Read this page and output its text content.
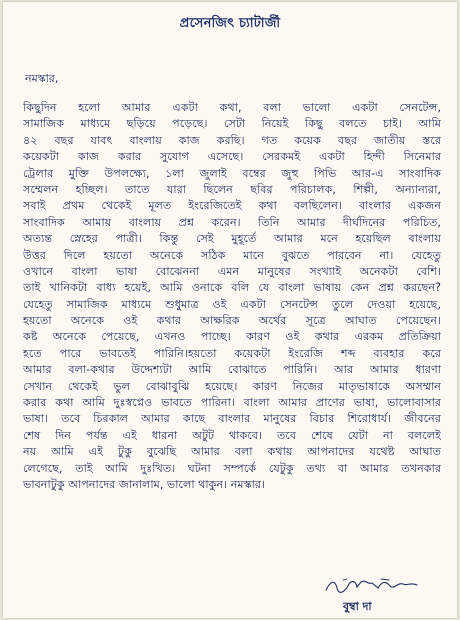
প্রসেনজিৎ চ্যাটার্জী
নমস্কার,
কিছুদিন হলো আমার একটা কথা, বলা ভালো একটা সেনটেন্স,
সামাজিক মাধ্যমে ছড়িয়ে পড়েছে। সেটা নিয়েই কিছু বলতে চাই। আমি
৪২ বছর যাবৎ বাংলায় কাজ করছি। গত কয়েক বছর জাতীয় স্তরে
কয়েকটা কাজ করার সুযোগ এসেছে। সেরকমই একটা হিন্দী সিনেমার
ট্রেলার মুক্তি উপলক্ষ্যে, ১লা জুলাই বম্বের জুহু পিভি আর-এ সাংবাদিক
সম্মেলন হচ্ছিল। তাতে যারা ছিলেন ছবির পরিচালক, শিল্পী, অন্যান্যরা,
সবাই প্রথম থেকেই মূলত ইংরেজিতেই কথা বলছিলেন। বাংলার একজন
সাংবাদিক আমায় বাংলায় প্রশ্ন করেন। তিনি আমার দীর্ঘদিনের পরিচিত,
অত্যন্ত স্নেহের পাত্রী। কিন্তু সেই মুহূর্তে আমার মনে হয়েছিল বাংলায়
উত্তর দিলে হয়তো অনেকে সঠিক মানে বুঝতে পারবেন না। যেহেতু
ওখানে বাংলা ভাষা বোঝেননা এমন মানুষের সংখ্যাই অনেকটা বেশি।
তাই খানিকটা বাধ্য হয়েই, আমি ওনাকে বলি যে বাংলা ভাষায় কেন প্রশ্ন করছেন?
যেহেতু সামাজিক মাধ্যমে শুধুমাত্র ওই একটা সেনটেন্স তুলে দেওয়া হয়েছে,
হয়তো অনেকে ওই কথার আক্ষরিক অর্থের সূত্রে আঘাত পেয়েছেন।
কষ্ট অনেকে পেয়েছে, এখনও পাচ্ছে। কারণ ওই কথার এরকম প্রতিক্রিয়া
হতে পারে ভাবতেই পারিনি।হয়তো কয়েকটা ইংরেজি শব্দ ব্যবহার করে
আমার বলা-কথার উদ্দেশ্যটা আমি বোঝাতে পারিনি। আর আমার ধারণা
সেখান থেকেই ভুল বোঝাবুঝি হয়েছে। কারণ নিজের মাতৃভাষাকে অসম্মান
করার কথা আমি দুঃস্বপ্নেও ভাবতে পারিনা। বাংলা আমার প্রাণের ভাষা, ভালোবাসার
ভাষা। তবে চিরকাল আমার কাছে বাংলার মানুষের বিচার শিরোধার্য। জীবনের
শেষ দিন পর্যন্ত এই ধারনা অটুট থাকবে। তবে শেষে যেটা না বললেই
নয় আমি এই টুকু বুঝেছি আমার বলা কথায় আপনাদের যথেষ্ট আঘাত
লেগেছে, তাই আমি দুঃখিত। ঘটনা সম্পর্কে যেটুকু তথ্য বা আমার তখনকার
ভাবনাটুকু আপনাদের জানালাম, ভালো থাকুন। নমস্কার।
বুম্বা দা
